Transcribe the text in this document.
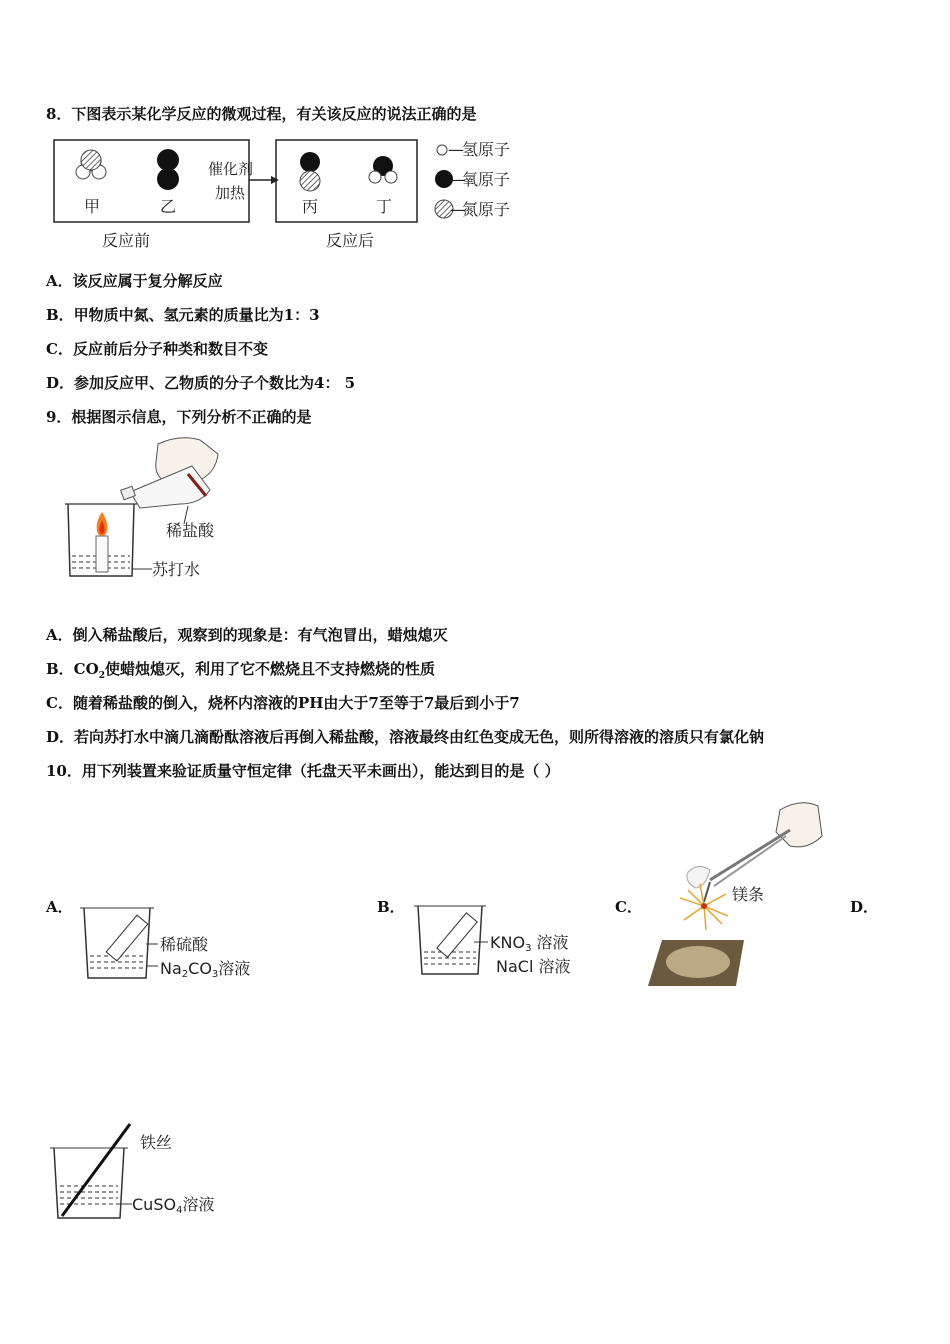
8．下图表示某化学反应的微观过程，有关该反应的说法正确的是
甲	乙
催化剂
加热
丙	丁
反应前	反应后
—
氢原子
—
氧原子
—
氮原子
A．该反应属于复分解反应
B．甲物质中氮、氢元素的质量比为1：3
C．反应前后分子种类和数目不变
D．参加反应甲、乙物质的分子个数比为4： 5
9．根据图示信息，下列分析不正确的是
稀盐酸
苏打水
A．倒入稀盐酸后，观察到的现象是：有气泡冒出，蜡烛熄灭
B．$CO_2$使蜡烛熄灭，利用了它不燃烧且不支持燃烧的性质
C．随着稀盐酸的倒入，烧杯内溶液的PH由大于7至等于7最后到小于7
D．若向苏打水中滴几滴酚酞溶液后再倒入稀盐酸，溶液最终由红色变成无色，则所得溶液的溶质只有氯化钠
10．用下列装置来验证质量守恒定律（托盘天平未画出），能达到目的是（ ）
A．	B．	C．	D．
稀硫酸
Na2CO3溶液
KNO3 溶液
NaCl 溶液
镁条
铁丝
CuSO4溶液
